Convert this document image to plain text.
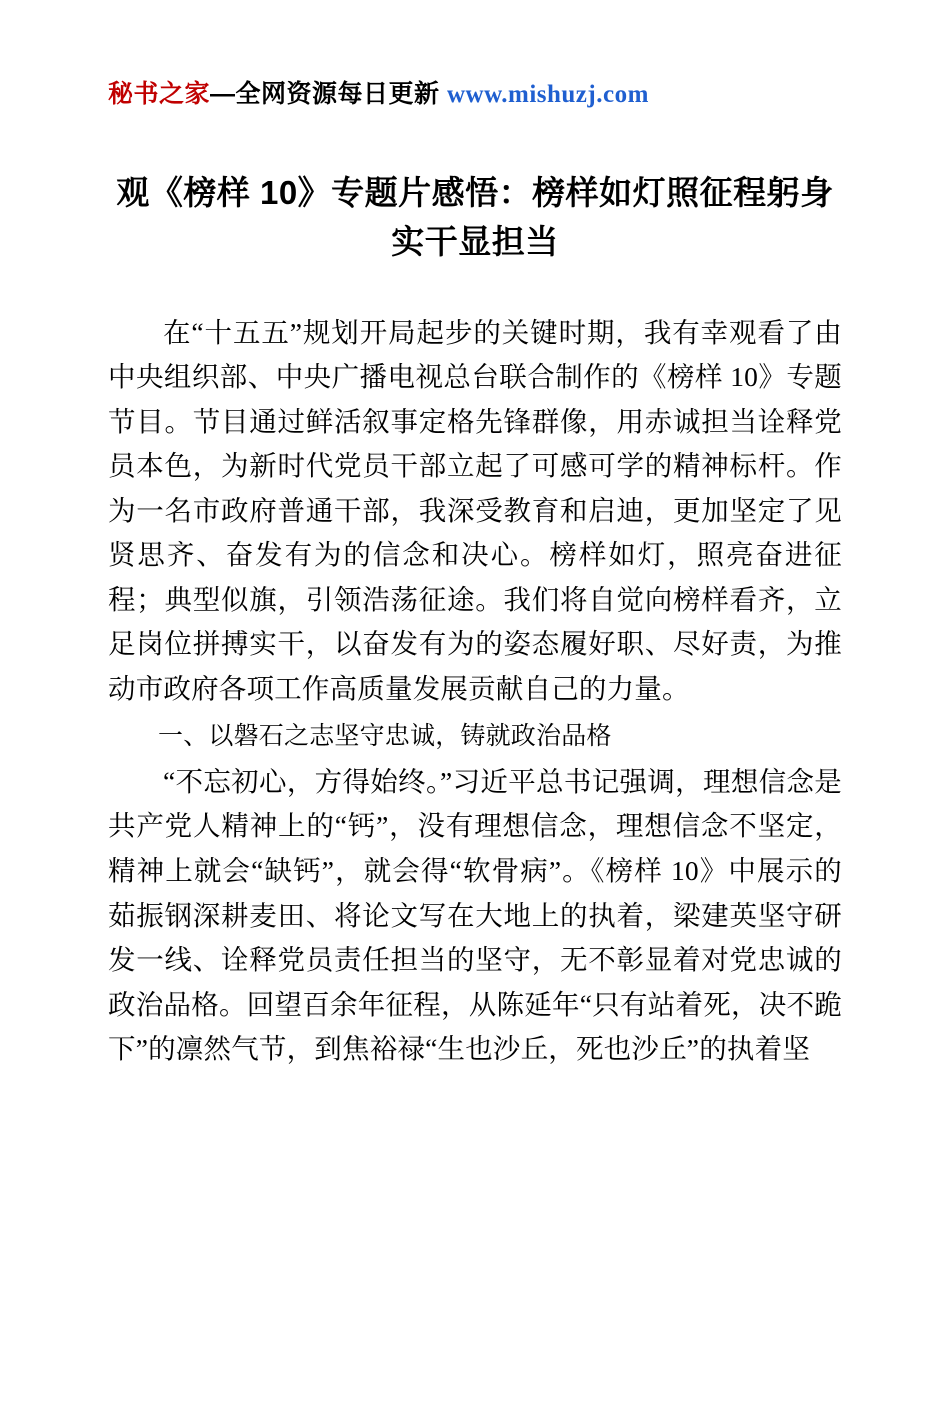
秘书之家—全网资源每日更新 www.mishuzj.com
观《榜样 10》专题片感悟：榜样如灯照征程躬身实干显担当

在“十五五”规划开局起步的关键时期，我有幸观看了由中央组织部、中央广播电视总台联合制作的《榜样 10》专题节目。节目通过鲜活叙事定格先锋群像，用赤诚担当诠释党员本色，为新时代党员干部立起了可感可学的精神标杆。作为一名市政府普通干部，我深受教育和启迪，更加坚定了见贤思齐、奋发有为的信念和决心。榜样如灯，照亮奋进征程；典型似旗，引领浩荡征途。我们将自觉向榜样看齐，立足岗位拼搏实干，以奋发有为的姿态履好职、尽好责，为推动市政府各项工作高质量发展贡献自己的力量。

一、以磐石之志坚守忠诚，铸就政治品格

“不忘初心，方得始终。”习近平总书记强调，理想信念是共产党人精神上的“钙”，没有理想信念，理想信念不坚定，精神上就会“缺钙”，就会得“软骨病”。《榜样 10》中展示的茹振钢深耕麦田、将论文写在大地上的执着，梁建英坚守研发一线、诠释党员责任担当的坚守，无不彰显着对党忠诚的政治品格。回望百余年征程，从陈延年“只有站着死，决不跪下”的凛然气节，到焦裕禄“生也沙丘，死也沙丘”的执着坚
